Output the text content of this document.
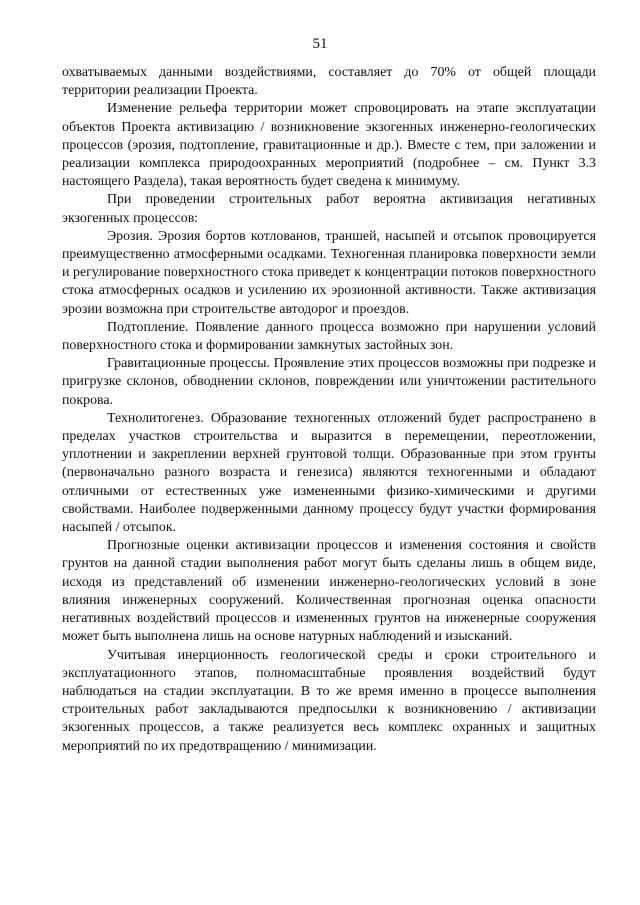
51

охватываемых данными воздействиями, составляет до 70% от общей площади территории реализации Проекта.

Изменение рельефа территории может спровоцировать на этапе эксплуатации объектов Проекта активизацию / возникновение экзогенных инженерно-геологических процессов (эрозия, подтопление, гравитационные и др.). Вместе с тем, при заложении и реализации комплекса природоохранных мероприятий (подробнее – см. Пункт 3.3 настоящего Раздела), такая вероятность будет сведена к минимуму.

При проведении строительных работ вероятна активизация негативных экзогенных процессов:

Эрозия. Эрозия бортов котлованов, траншей, насыпей и отсыпок провоцируется преимущественно атмосферными осадками. Техногенная планировка поверхности земли и регулирование поверхностного стока приведет к концентрации потоков поверхностного стока атмосферных осадков и усилению их эрозионной активности. Также активизация эрозии возможна при строительстве автодорог и проездов.

Подтопление. Появление данного процесса возможно при нарушении условий поверхностного стока и формировании замкнутых застойных зон.

Гравитационные процессы. Проявление этих процессов возможны при подрезке и пригрузке склонов, обводнении склонов, повреждении или уничтожении растительного покрова.

Технолитогенез. Образование техногенных отложений будет распространено в пределах участков строительства и выразится в перемещении, переотложении, уплотнении и закреплении верхней грунтовой толщи. Образованные при этом грунты (первоначально разного возраста и генезиса) являются техногенными и обладают отличными от естественных уже измененными физико-химическими и другими свойствами. Наиболее подверженными данному процессу будут участки формирования насыпей / отсыпок.

Прогнозные оценки активизации процессов и изменения состояния и свойств грунтов на данной стадии выполнения работ могут быть сделаны лишь в общем виде, исходя из представлений об изменении инженерно-геологических условий в зоне влияния инженерных сооружений. Количественная прогнозная оценка опасности негативных воздействий процессов и измененных грунтов на инженерные сооружения может быть выполнена лишь на основе натурных наблюдений и изысканий.

Учитывая инерционность геологической среды и сроки строительного и эксплуатационного этапов, полномасштабные проявления воздействий будут наблюдаться на стадии эксплуатации. В то же время именно в процессе выполнения строительных работ закладываются предпосылки к возникновению / активизации экзогенных процессов, а также реализуется весь комплекс охранных и защитных мероприятий по их предотвращению / минимизации.
